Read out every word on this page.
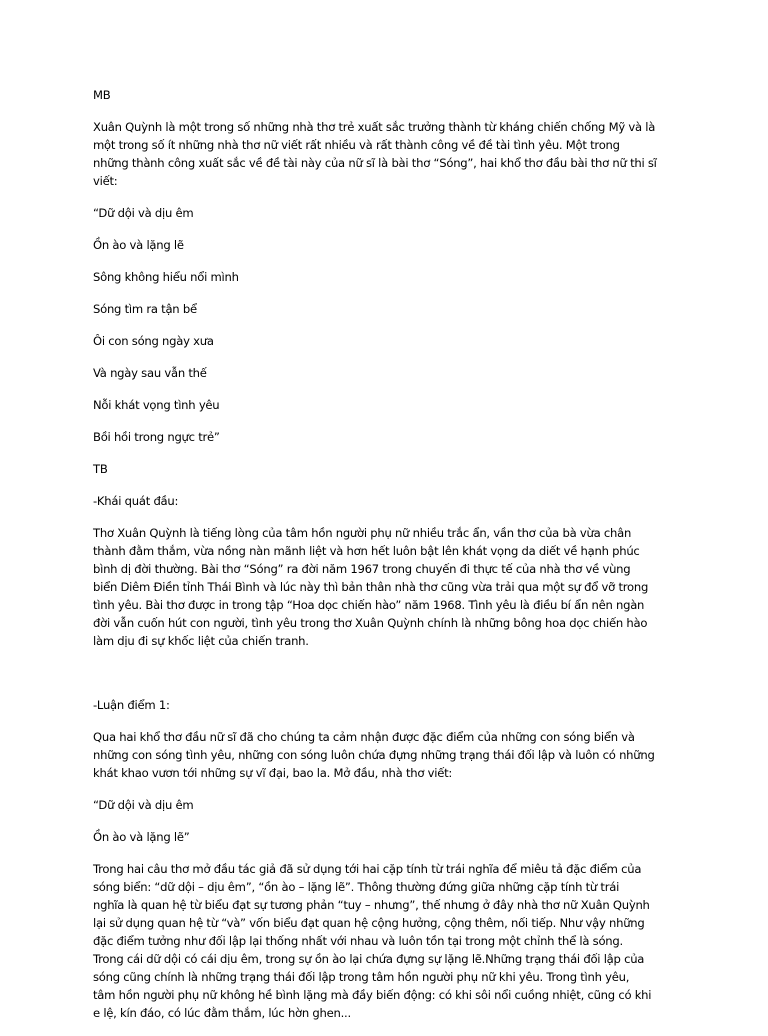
MB
Xuân Quỳnh là một trong số những nhà thơ trẻ xuất sắc trưởng thành từ kháng chiến chống Mỹ và là
một trong số ít những nhà thơ nữ viết rất nhiều và rất thành công về đề tài tình yêu. Một trong
những thành công xuất sắc về đề tài này của nữ sĩ là bài thơ “Sóng”, hai khổ thơ đầu bài thơ nữ thi sĩ
viết:
“Dữ dội và dịu êm
Ồn ào và lặng lẽ
Sông không hiểu nổi mình
Sóng tìm ra tận bể
Ôi con sóng ngày xưa
Và ngày sau vẫn thế
Nỗi khát vọng tình yêu
Bồi hồi trong ngực trẻ”
TB
-Khái quát đầu:
Thơ Xuân Quỳnh là tiếng lòng của tâm hồn người phụ nữ nhiều trắc ẩn, vần thơ của bà vừa chân
thành đằm thắm, vừa nồng nàn mãnh liệt và hơn hết luôn bật lên khát vọng da diết về hạnh phúc
bình dị đời thường. Bài thơ “Sóng” ra đời năm 1967 trong chuyến đi thực tế của nhà thơ về vùng
biển Diêm Điền tỉnh Thái Bình và lúc này thì bản thân nhà thơ cũng vừa trải qua một sự đổ vỡ trong
tình yêu. Bài thơ được in trong tập “Hoa dọc chiến hào” năm 1968. Tình yêu là điều bí ẩn nên ngàn
đời vẫn cuốn hút con người, tình yêu trong thơ Xuân Quỳnh chính là những bông hoa dọc chiến hào
làm dịu đi sự khốc liệt của chiến tranh.
-Luận điểm 1:
Qua hai khổ thơ đầu nữ sĩ đã cho chúng ta cảm nhận được đặc điểm của những con sóng biển và
những con sóng tình yêu, những con sóng luôn chứa đựng những trạng thái đối lập và luôn có những
khát khao vươn tới những sự vĩ đại, bao la. Mở đầu, nhà thơ viết:
“Dữ dội và dịu êm
Ồn ào và lặng lẽ”
Trong hai câu thơ mở đầu tác giả đã sử dụng tới hai cặp tính từ trái nghĩa để miêu tả đặc điểm của
sóng biển: “dữ dội – dịu êm”, “ồn ào – lặng lẽ”. Thông thường đứng giữa những cặp tính từ trái
nghĩa là quan hệ từ biểu đạt sự tương phản “tuy – nhưng”, thế nhưng ở đây nhà thơ nữ Xuân Quỳnh
lại sử dụng quan hệ từ “và” vốn biểu đạt quan hệ cộng hưởng, cộng thêm, nối tiếp. Như vậy những
đặc điểm tưởng như đối lập lại thống nhất với nhau và luôn tồn tại trong một chỉnh thể là sóng.
Trong cái dữ dội có cái dịu êm, trong sự ồn ào lại chứa đựng sự lặng lẽ.Những trạng thái đối lập của
sóng cũng chính là những trạng thái đối lập trong tâm hồn người phụ nữ khi yêu. Trong tình yêu,
tâm hồn người phụ nữ không hề bình lặng mà đầy biến động: có khi sôi nổi cuồng nhiệt, cũng có khi
e lệ, kín đáo, có lúc đằm thắm, lúc hờn ghen...
